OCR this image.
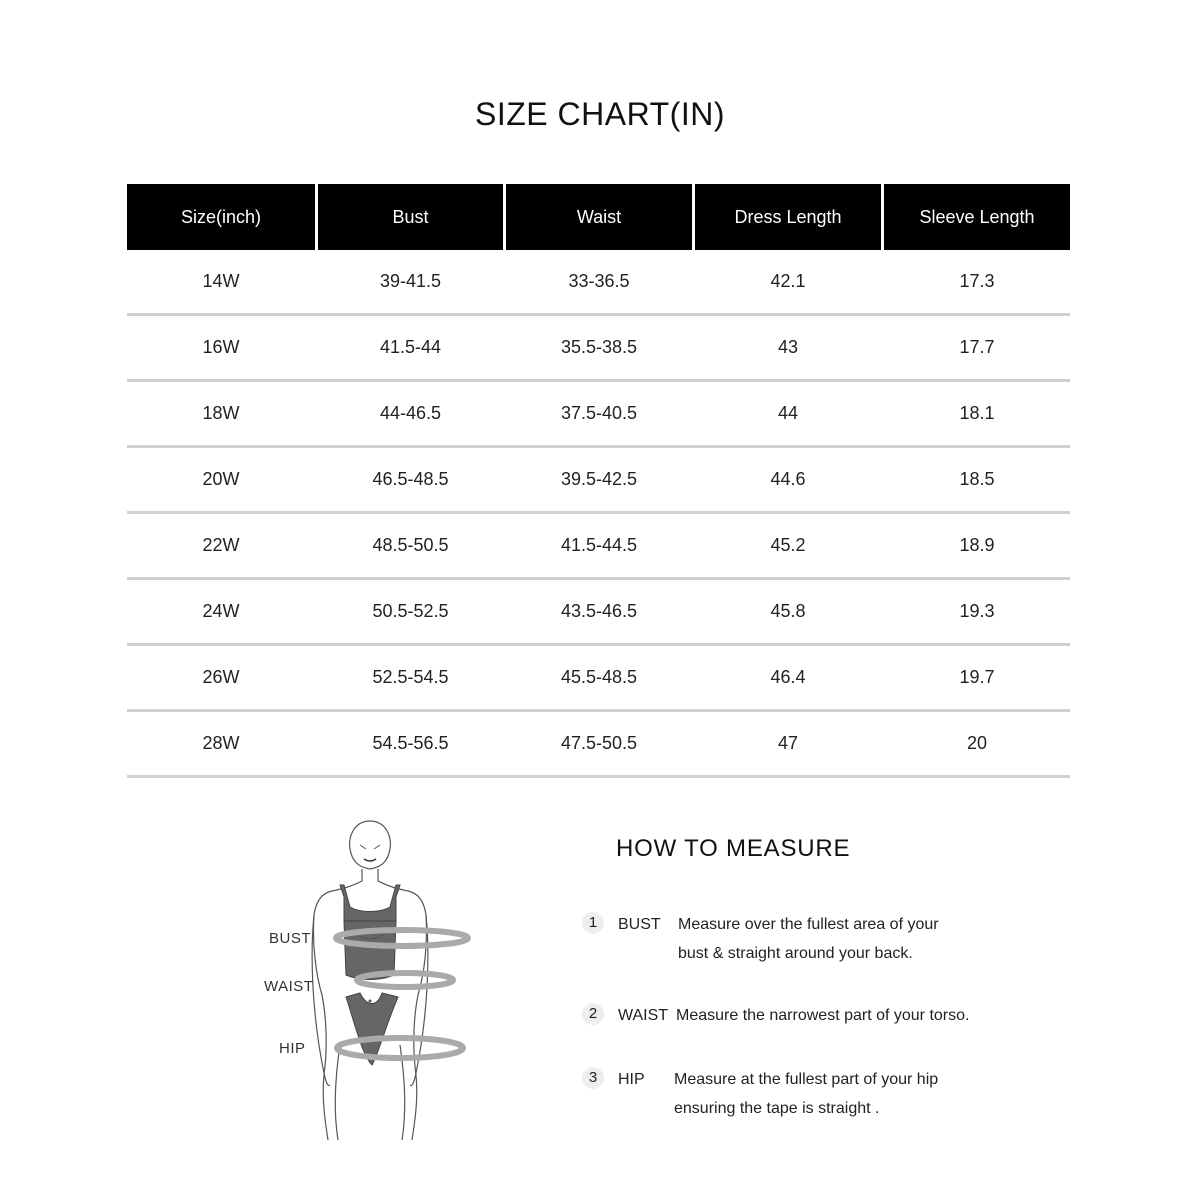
SIZE CHART(IN)
Size(inch)	Bust	Waist	Dress Length	Sleeve Length
14W	39-41.5	33-36.5	42.1	17.3
16W	41.5-44	35.5-38.5	43	17.7
18W	44-46.5	37.5-40.5	44	18.1
20W	46.5-48.5	39.5-42.5	44.6	18.5
22W	48.5-50.5	41.5-44.5	45.2	18.9
24W	50.5-52.5	43.5-46.5	45.8	19.3
26W	52.5-54.5	45.5-48.5	46.4	19.7
28W	54.5-56.5	47.5-50.5	47	20
BUST
WAIST
HIP
HOW TO MEASURE
1	BUST Measure over the fullest area of your
bust & straight around your back.
2	WAIST Measure the narrowest part of your torso.
3	HIP Measure at the fullest part of your hip
ensuring the tape is straight .
